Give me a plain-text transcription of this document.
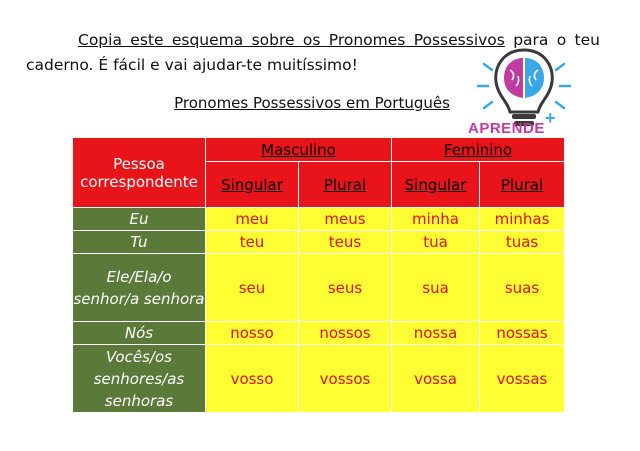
Copia este esquema sobre os Pronomes Possessivos para o teu caderno. É fácil e vai ajudar-te muitíssimo!
Pronomes Possessivos em Português
APRENDE
+
Pessoa correspondente	Masculino		Feminino	
	Singular	Plural	Singular	Plural
Eu	meu	meus	minha	minhas
Tu	teu	teus	tua	tuas
Ele/Ela/o senhor/a senhora	seu	seus	sua	suas
Nós	nosso	nossos	nossa	nossas
Vocês/os senhores/as senhoras	vosso	vossos	vossa	vossas
